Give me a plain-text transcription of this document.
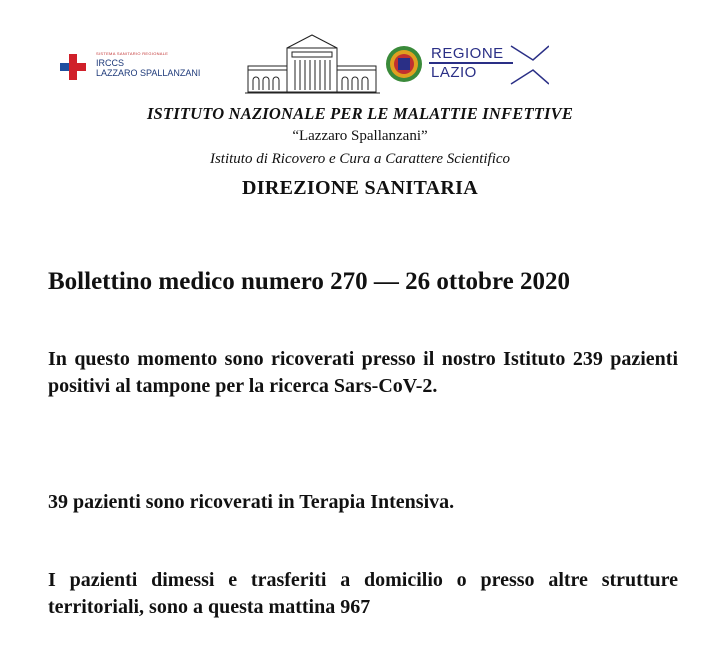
SISTEMA SANITARIO REGIONALE
IRCCS
LAZZARO SPALLANZANI
REGIONE
LAZIO
ISTITUTO NAZIONALE PER LE MALATTIE INFETTIVE
“Lazzaro Spallanzani”
Istituto di Ricovero e Cura a Carattere Scientifico
DIREZIONE SANITARIA
Bollettino medico numero 270 — 26 ottobre 2020
In questo momento sono ricoverati presso il nostro Istituto 239 pazienti positivi al tampone per la ricerca Sars-CoV-2.
39 pazienti sono ricoverati in Terapia Intensiva.
I pazienti dimessi e trasferiti a domicilio o presso altre strutture territoriali, sono a questa mattina 967
